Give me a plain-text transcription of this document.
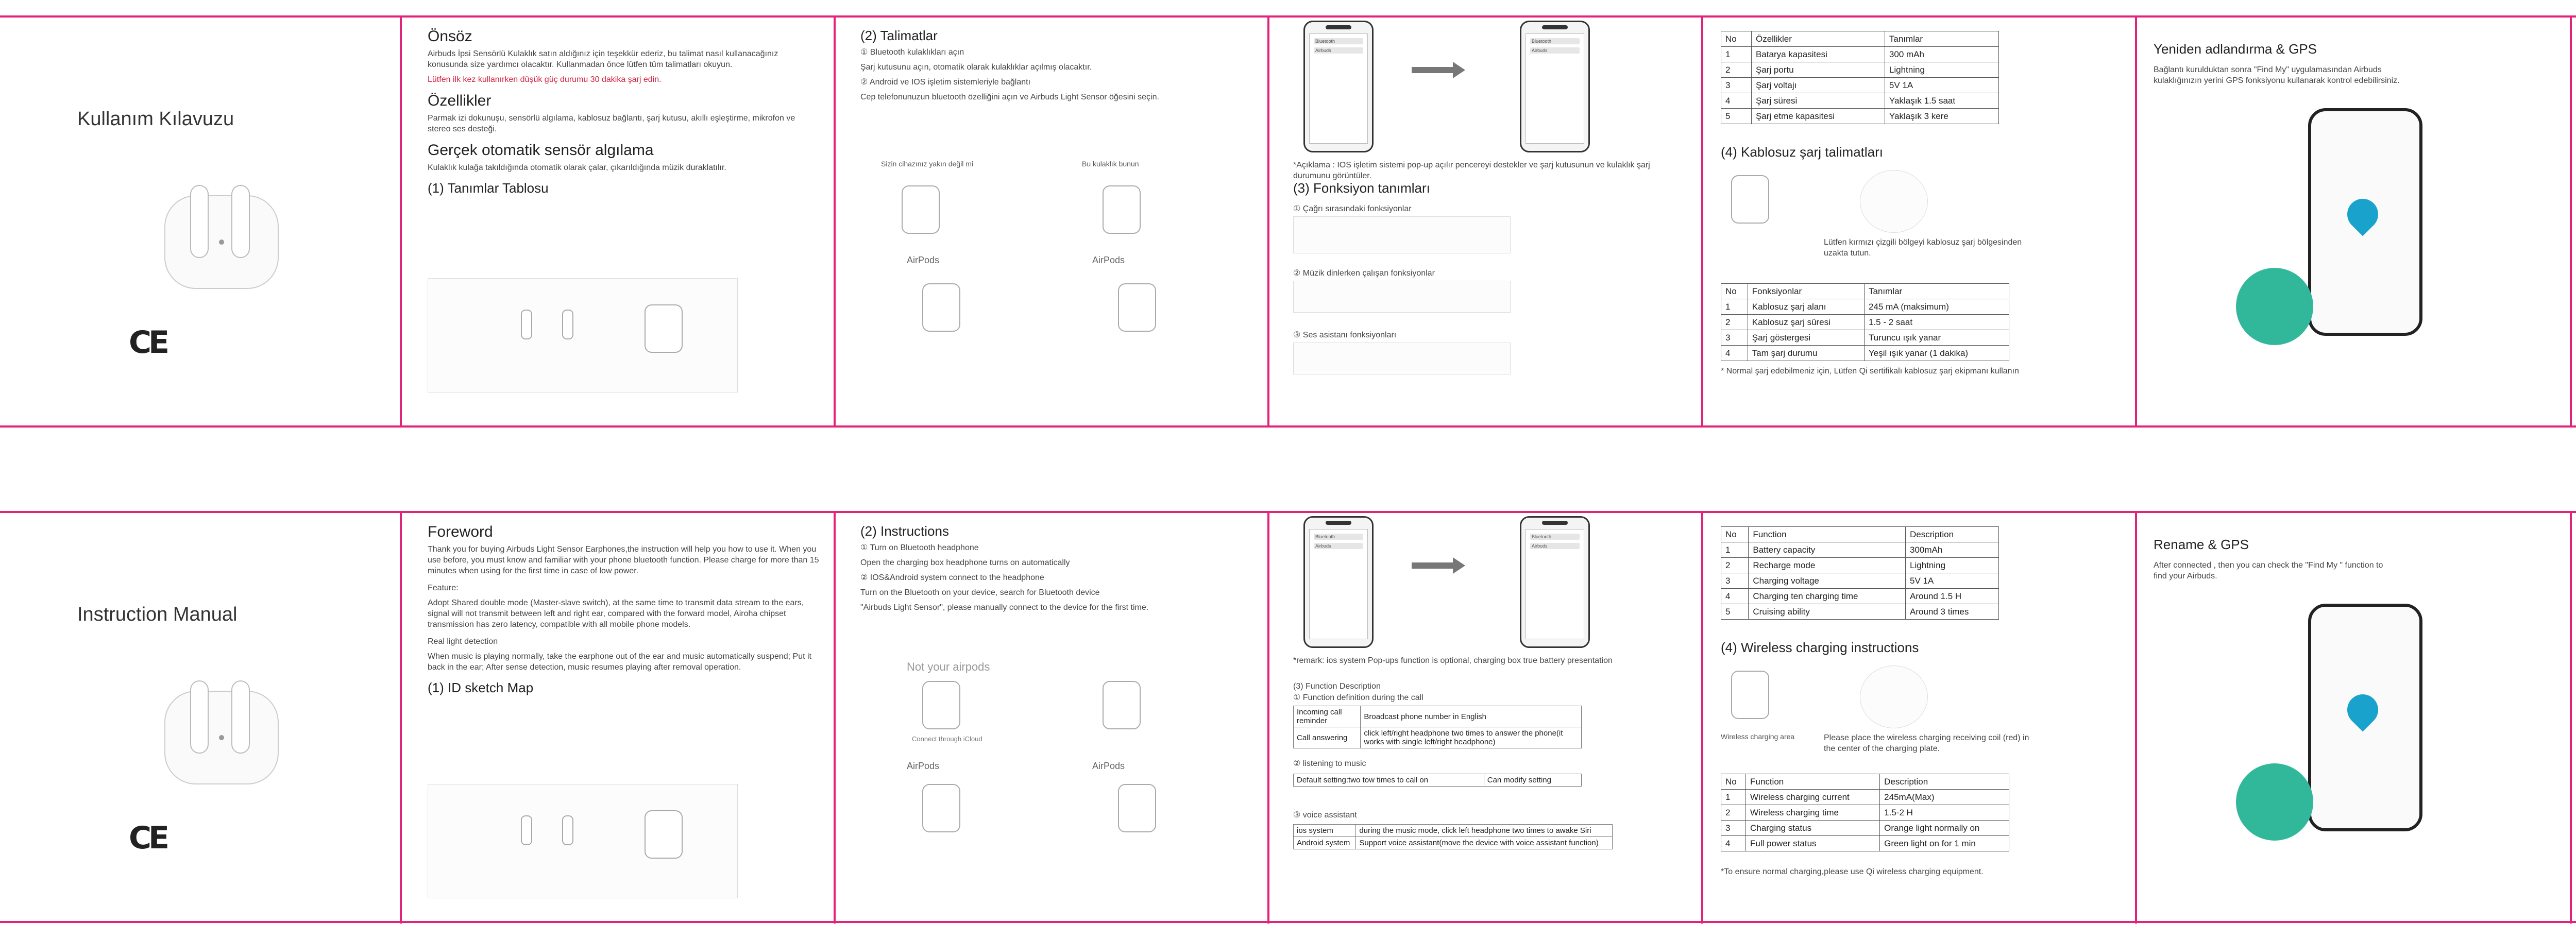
Kullanım Kılavuzu
CE
Önsöz

Airbuds İpsi Sensörlü Kulaklık satın aldığınız için teşekkür ederiz, bu talimat nasıl kullanacağınız konusunda size yardımcı olacaktır. Kullanmadan önce lütfen tüm talimatları okuyun.

Lütfen ilk kez kullanırken düşük güç durumu 30 dakika şarj edin.

Özellikler

Parmak izi dokunuşu, sensörlü algılama, kablosuz bağlantı, şarj kutusu, akıllı eşleştirme, mikrofon ve stereo ses desteği.

Gerçek otomatik sensör algılama

Kulaklık kulağa takıldığında otomatik olarak çalar, çıkarıldığında müzik duraklatılır.

(1) Tanımlar Tablosu
(2) Talimatlar

① Bluetooth kulaklıkları açın

Şarj kutusunu açın, otomatik olarak kulaklıklar açılmış olacaktır.

② Android ve IOS işletim sistemleriyle bağlantı

Cep telefonunuzun bluetooth özelliğini açın ve Airbuds Light Sensor öğesini seçin.

Sizin cihazınız yakın değil mi	Bu kulaklık bunun
AirPods	AirPods
Bluetooth
Airbuds
Bluetooth
Airbuds

*Açıklama : IOS işletim sistemi pop-up açılır pencereyi destekler ve şarj kutusunun ve kulaklık şarj durumunu görüntüler.

(3) Fonksiyon tanımları

① Çağrı sırasındaki fonksiyonlar

② Müzik dinlerken çalışan fonksiyonlar

③ Ses asistanı fonksiyonları

No	Özellikler	Tanımlar
1	Batarya kapasitesi	300 mAh
2	Şarj portu	Lightning
3	Şarj voltajı	5V 1A
4	Şarj süresi	Yaklaşık 1.5 saat
5	Şarj etme kapasitesi	Yaklaşık 3 kere
(4) Kablosuz şarj talimatları

Lütfen kırmızı çizgili bölgeyi kablosuz şarj bölgesinden uzakta tutun.

No	Fonksiyonlar	Tanımlar
1	Kablosuz şarj alanı	245 mA (maksimum)
2	Kablosuz şarj süresi	1.5 - 2 saat
3	Şarj göstergesi	Turuncu ışık yanar
4	Tam şarj durumu	Yeşil ışık yanar (1 dakika)

* Normal şarj edebilmeniz için, Lütfen Qi sertifikalı kablosuz şarj ekipmanı kullanın

Yeniden adlandırma & GPS

Bağlantı kurulduktan sonra "Find My" uygulamasından Airbuds kulaklığınızın yerini GPS fonksiyonu kullanarak kontrol edebilirsiniz.

Instruction Manual
CE
Foreword

Thank you for buying Airbuds Light Sensor Earphones,the instruction will help you how to use it. When you use before, you must know and familiar with your phone bluetooth function. Please charge for more than 15 minutes when using for the first time in case of low power.

Feature:

Adopt Shared double mode (Master-slave switch), at the same time to transmit data stream to the ears, signal will not transmit between left and right ear, compared with the forward model, Airoha chipset transmission has zero latency, compatible with all mobile phone models.

Real light detection

When music is playing normally, take the earphone out of the ear and music automatically suspend; Put it back in the ear; After sense detection, music resumes playing after removal operation.

(1) ID sketch Map
(2) Instructions

① Turn on Bluetooth headphone

Open the charging box headphone turns on automatically

② IOS&Android system connect to the headphone

Turn on the Bluetooth on your device, search for Bluetooth device

"Airbuds Light Sensor", please manually connect to the device for the first time.

Not your airpods
Connect through iCloud
AirPods	AirPods
Bluetooth
Airbuds
Bluetooth
Airbuds

*remark: ios system Pop-ups function is optional, charging box true battery presentation

(3) Function Description

① Function definition during the call

Incoming call reminder	Broadcast phone number in English
Call answering	click left/right headphone two times to answer the phone(it works with single left/right headphone)

② listening to music

Default setting:two tow times to call on	Can modify setting

③ voice assistant

ios system	during the music mode, click left headphone two times to awake Siri
Android system	Support voice assistant(move the device with voice assistant function)
No	Function	Description
1	Battery capacity	300mAh
2	Recharge mode	Lightning
3	Charging voltage	5V 1A
4	Charging ten charging time	Around 1.5 H
5	Cruising ability	Around 3 times
(4) Wireless charging instructions
Wireless charging area	Please place the wireless charging receiving coil (red) in the center of the charging plate.

No	Function	Description
1	Wireless charging current	245mA(Max)
2	Wireless charging time	1.5-2 H
3	Charging status	Orange light normally on
4	Full power status	Green light on for 1 min

*To ensure normal charging,please use Qi wireless charging equipment.

Rename & GPS

After connected , then you can check the "Find My " function to find your Airbuds.
